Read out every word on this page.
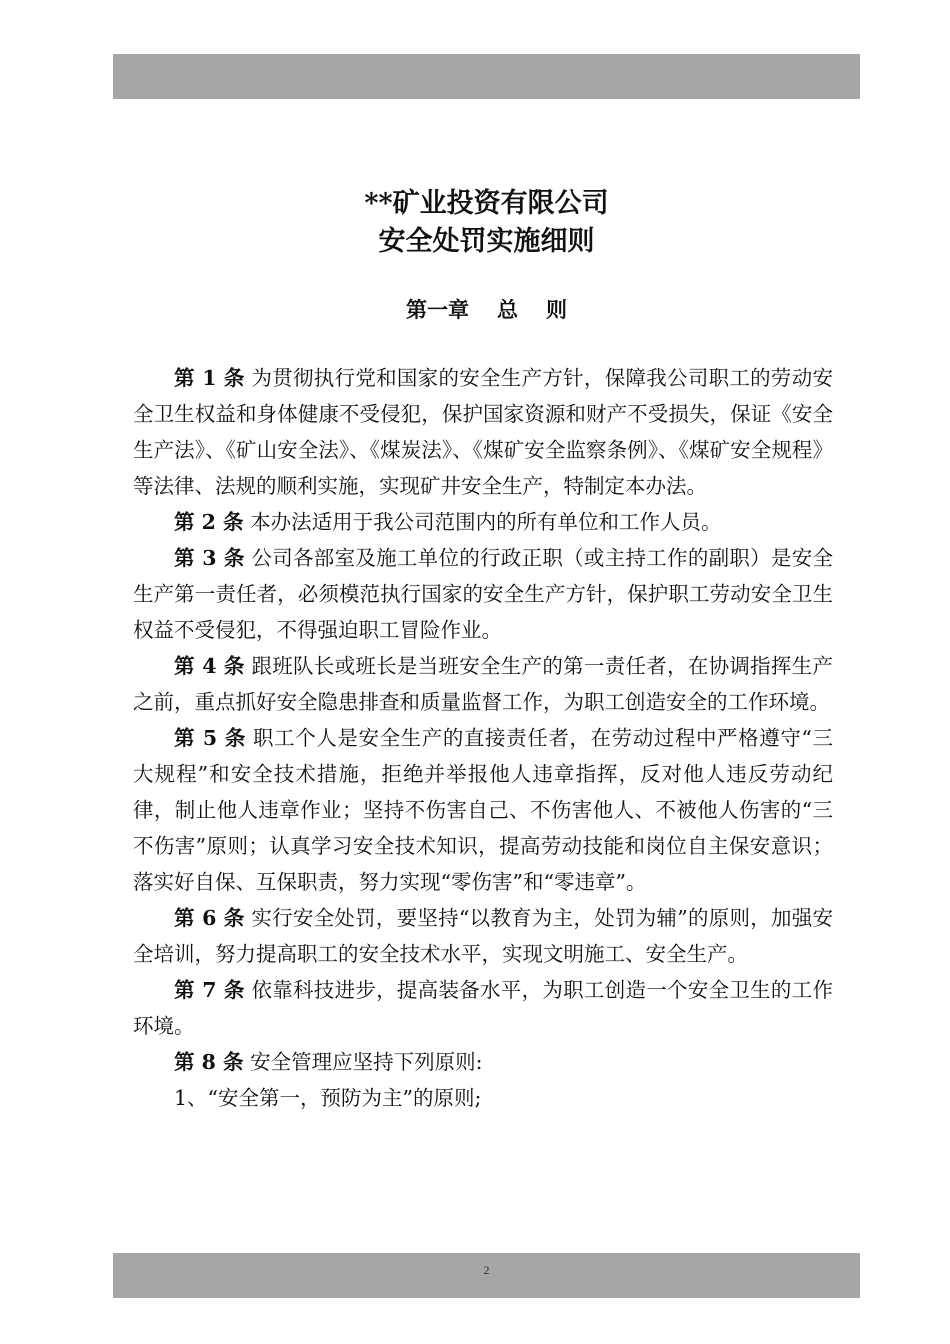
**矿业投资有限公司
安全处罚实施细则
第一章 总 则

第 1 条 为贯彻执行党和国家的安全生产方针，保障我公司职工的劳动安全卫生权益和身体健康不受侵犯，保护国家资源和财产不受损失，保证《安全生产法》、《矿山安全法》、《煤炭法》、《煤矿安全监察条例》、《煤矿安全规程》等法律、法规的顺利实施，实现矿井安全生产，特制定本办法。

第 2 条 本办法适用于我公司范围内的所有单位和工作人员。

第 3 条 公司各部室及施工单位的行政正职（或主持工作的副职）是安全生产第一责任者，必须模范执行国家的安全生产方针，保护职工劳动安全卫生权益不受侵犯，不得强迫职工冒险作业。

第 4 条 跟班队长或班长是当班安全生产的第一责任者，在协调指挥生产之前，重点抓好安全隐患排查和质量监督工作，为职工创造安全的工作环境。

第 5 条 职工个人是安全生产的直接责任者，在劳动过程中严格遵守“三大规程”和安全技术措施，拒绝并举报他人违章指挥，反对他人违反劳动纪律，制止他人违章作业；坚持不伤害自己、不伤害他人、不被他人伤害的“三不伤害”原则；认真学习安全技术知识，提高劳动技能和岗位自主保安意识；落实好自保、互保职责，努力实现“零伤害”和“零违章”。

第 6 条 实行安全处罚，要坚持“以教育为主，处罚为辅”的原则，加强安全培训，努力提高职工的安全技术水平，实现文明施工、安全生产。

第 7 条 依靠科技进步，提高装备水平，为职工创造一个安全卫生的工作环境。

第 8 条 安全管理应坚持下列原则:

1、“安全第一，预防为主”的原则;

2
